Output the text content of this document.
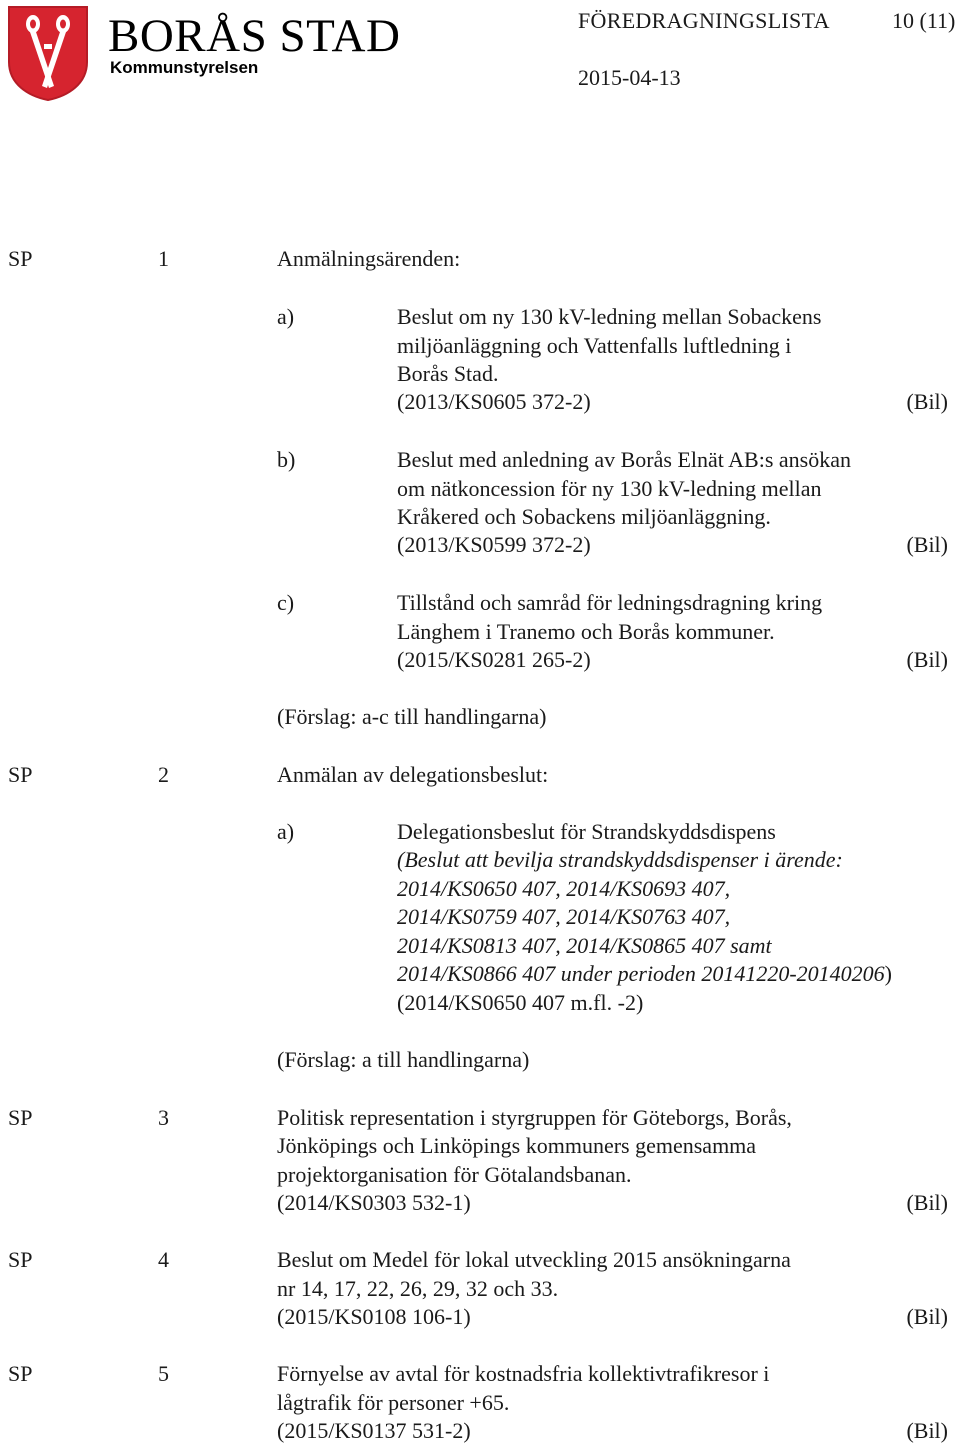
BORÅS STAD
Kommunstyrelsen
FÖREDRAGNINGSLISTA	10 (11)
2015-04-13
SP	1	Anmälningsärenden:
a)	Beslut om ny 130 kV-ledning mellan Sobackens
miljöanläggning och Vattenfalls luftledning i
Borås Stad.
(2013/KS0605 372-2)	(Bil)
b)	Beslut med anledning av Borås Elnät AB:s ansökan
om nätkoncession för ny 130 kV-ledning mellan
Kråkered och Sobackens miljöanläggning.
(2013/KS0599 372-2)	(Bil)
c)	Tillstånd och samråd för ledningsdragning kring
Länghem i Tranemo och Borås kommuner.
(2015/KS0281 265-2)	(Bil)
(Förslag: a-c till handlingarna)
SP	2	Anmälan av delegationsbeslut:
a)	Delegationsbeslut för Strandskyddsdispens
(Beslut att bevilja strandskyddsdispenser i ärende:
2014/KS0650 407, 2014/KS0693 407,
2014/KS0759 407, 2014/KS0763 407,
2014/KS0813 407, 2014/KS0865 407 samt
2014/KS0866 407 under perioden 20141220-20140206)
(2014/KS0650 407 m.fl. -2)
(Förslag: a till handlingarna)
SP	3	Politisk representation i styrgruppen för Göteborgs, Borås,
Jönköpings och Linköpings kommuners gemensamma
projektorganisation för Götalandsbanan.
(2014/KS0303 532-1)	(Bil)
SP	4	Beslut om Medel för lokal utveckling 2015 ansökningarna
nr 14, 17, 22, 26, 29, 32 och 33.
(2015/KS0108 106-1)	(Bil)
SP	5	Förnyelse av avtal för kostnadsfria kollektivtrafikresor i
lågtrafik för personer +65.
(2015/KS0137 531-2)	(Bil)
